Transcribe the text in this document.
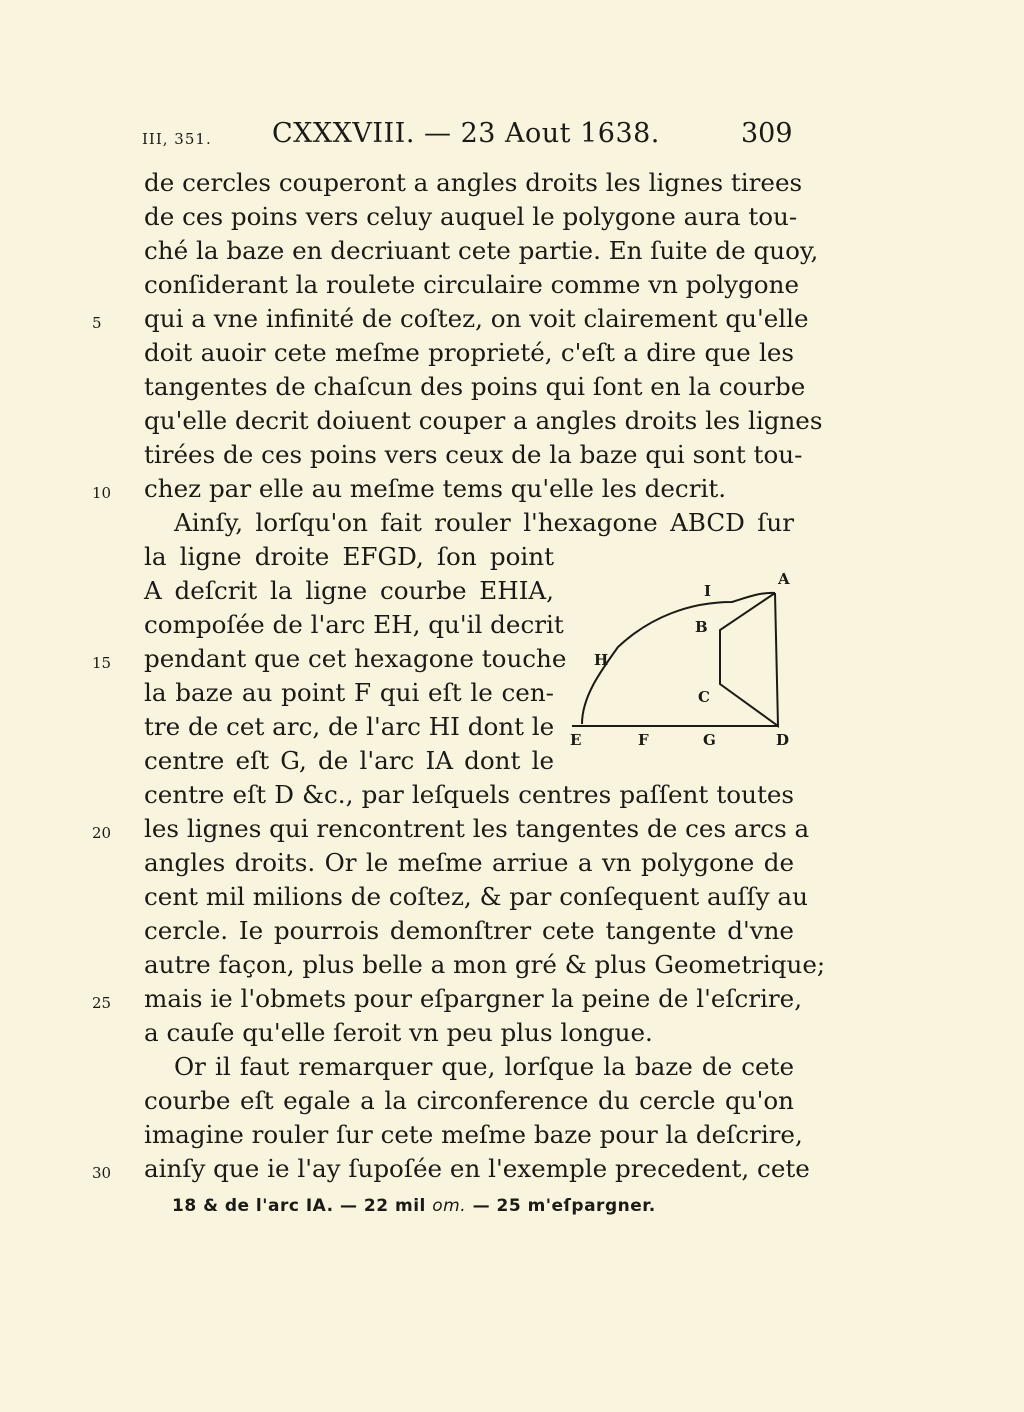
III, 351. CXXXVIII. — 23 Aout 1638.	309
de cercles couperont a angles droits les lignes tirees
de ces poins vers celuy auquel le polygone aura tou-
ché la baze en decriuant cete partie. En ſuite de quoy,
conſiderant la roulete circulaire comme vn polygone
qui a vne infinité de coſtez, on voit clairement qu'elle
doit auoir cete meſme proprieté, c'eſt a dire que les
tangentes de chaſcun des poins qui ſont en la courbe
qu'elle decrit doiuent couper a angles droits les lignes
tirées de ces poins vers ceux de la baze qui sont tou-
chez par elle au meſme tems qu'elle les decrit.
Ainſy, lorſqu'on fait rouler l'hexagone ABCD ſur
la ligne droite EFGD, ſon point
A deſcrit la ligne courbe EHIA,
compoſée de l'arc EH, qu'il decrit
pendant que cet hexagone touche
la baze au point F qui eſt le cen-
tre de cet arc, de l'arc HI dont le
centre eſt G, de l'arc IA dont le
centre eſt D &c., par leſquels centres paſſent toutes
les lignes qui rencontrent les tangentes de ces arcs a
angles droits. Or le meſme arriue a vn polygone de
cent mil milions de coſtez, & par conſequent auſſy au
cercle. Ie pourrois demonſtrer cete tangente d'vne
autre façon, plus belle a mon gré & plus Geometrique;
mais ie l'obmets pour eſpargner la peine de l'eſcrire,
a cauſe qu'elle ſeroit vn peu plus longue.
Or il faut remarquer que, lorſque la baze de cete
courbe eſt egale a la circonference du cercle qu'on
imagine rouler ſur cete meſme baze pour la deſcrire,
ainſy que ie l'ay ſupoſée en l'exemple precedent, cete
5
10
15
20
25
30
A
I
B
H
C
E	F	G	D
18 & de l'arc IA. — 22 mil om. — 25 m'eſpargner.
